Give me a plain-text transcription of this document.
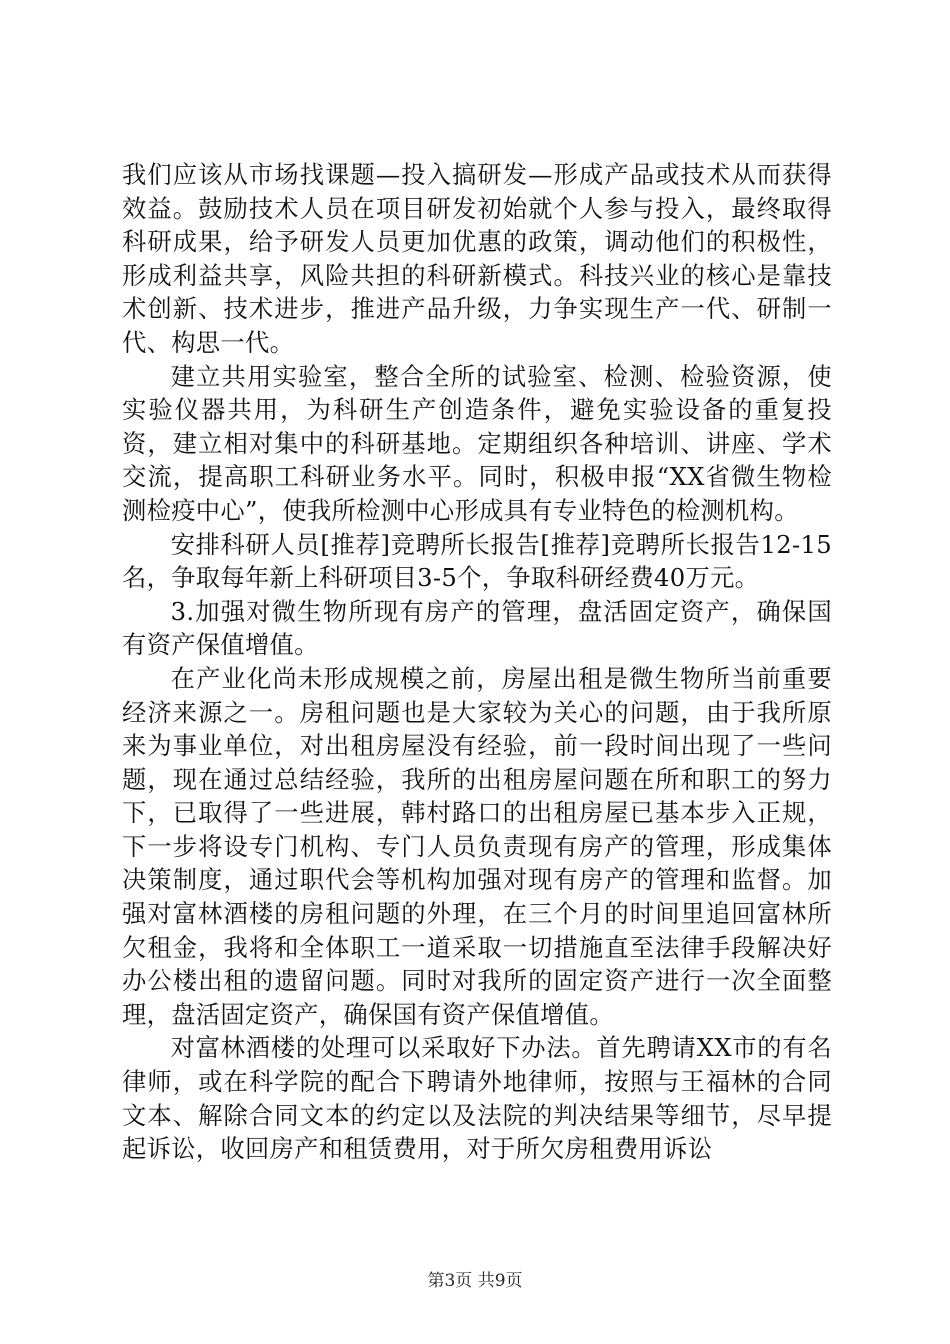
我们应该从市场找课题—投入搞研发—形成产品或技术从而获得效益。鼓励技术人员在项目研发初始就个人参与投入，最终取得科研成果，给予研发人员更加优惠的政策，调动他们的积极性，形成利益共享，风险共担的科研新模式。科技兴业的核心是靠技术创新、技术进步，推进产品升级，力争实现生产一代、研制一代、构思一代。

建立共用实验室，整合全所的试验室、检测、检验资源，使实验仪器共用，为科研生产创造条件，避免实验设备的重复投资，建立相对集中的科研基地。定期组织各种培训、讲座、学术交流，提高职工科研业务水平。同时，积极申报“XX省微生物检测检疫中心”，使我所检测中心形成具有专业特色的检测机构。

安排科研人员[推荐]竞聘所长报告[推荐]竞聘所长报告12-15名，争取每年新上科研项目3-5个，争取科研经费40万元。

3.加强对微生物所现有房产的管理，盘活固定资产，确保国有资产保值增值。

在产业化尚未形成规模之前，房屋出租是微生物所当前重要经济来源之一。房租问题也是大家较为关心的问题，由于我所原来为事业单位，对出租房屋没有经验，前一段时间出现了一些问题，现在通过总结经验，我所的出租房屋问题在所和职工的努力下，已取得了一些进展，韩村路口的出租房屋已基本步入正规，下一步将设专门机构、专门人员负责现有房产的管理，形成集体决策制度，通过职代会等机构加强对现有房产的管理和监督。加强对富林酒楼的房租问题的外理，在三个月的时间里追回富林所欠租金，我将和全体职工一道采取一切措施直至法律手段解决好办公楼出租的遗留问题。同时对我所的固定资产进行一次全面整理，盘活固定资产，确保国有资产保值增值。

对富林酒楼的处理可以采取好下办法。首先聘请XX市的有名律师，或在科学院的配合下聘请外地律师，按照与王福林的合同文本、解除合同文本的约定以及法院的判决结果等细节，尽早提起诉讼，收回房产和租赁费用，对于所欠房租费用诉讼

第3页 共9页
